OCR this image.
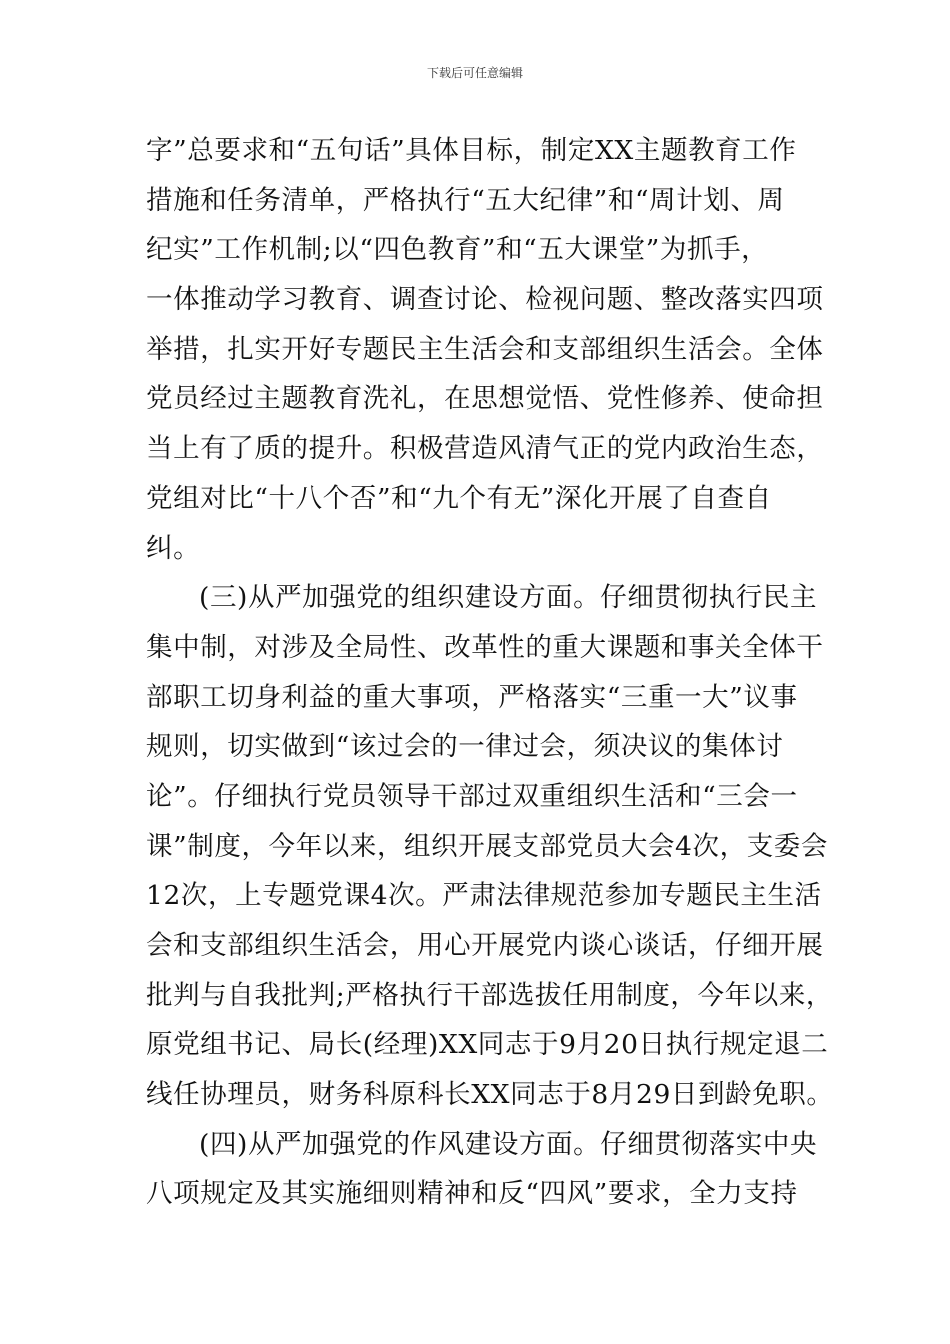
下载后可任意编辑
字”总要求和“五句话”具体目标，制定XX主题教育工作
措施和任务清单，严格执行“五大纪律”和“周计划、周
纪实”工作机制;以“四色教育”和“五大课堂”为抓手，
一体推动学习教育、调查讨论、检视问题、整改落实四项
举措，扎实开好专题民主生活会和支部组织生活会。全体
党员经过主题教育洗礼，在思想觉悟、党性修养、使命担
当上有了质的提升。积极营造风清气正的党内政治生态，
党组对比“十八个否”和“九个有无”深化开展了自查自
纠。
(三)从严加强党的组织建设方面。仔细贯彻执行民主
集中制，对涉及全局性、改革性的重大课题和事关全体干
部职工切身利益的重大事项，严格落实“三重一大”议事
规则，切实做到“该过会的一律过会，须决议的集体讨
论”。仔细执行党员领导干部过双重组织生活和“三会一
课”制度，今年以来，组织开展支部党员大会4次，支委会
12次，上专题党课4次。严肃法律规范参加专题民主生活
会和支部组织生活会，用心开展党内谈心谈话，仔细开展
批判与自我批判;严格执行干部选拔任用制度，今年以来，
原党组书记、局长(经理)XX同志于9月20日执行规定退二
线任协理员，财务科原科长XX同志于8月29日到龄免职。
(四)从严加强党的作风建设方面。仔细贯彻落实中央
八项规定及其实施细则精神和反“四风”要求，全力支持
